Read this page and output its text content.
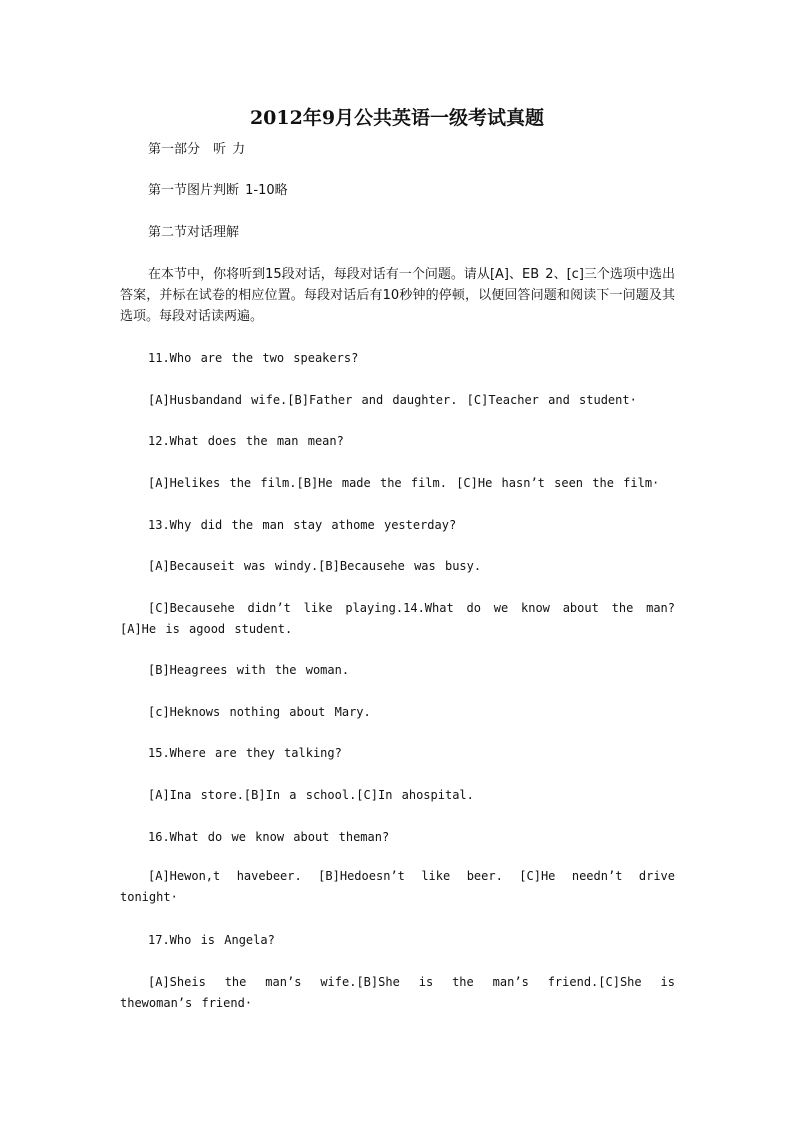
2012年9月公共英语一级考试真题

第一部分　听 力

第一节图片判断 1-10略

第二节对话理解

在本节中，你将听到15段对话，每段对话有一个问题。请从[A]、EB 2、[c]三个选项中选出答案，并标在试卷的相应位置。每段对话后有10秒钟的停顿，以便回答问题和阅读下一问题及其选项。每段对话读两遍。

11.Who are the two speakers?

[A]Husbandand wife.[B]Father and daughter. [C]Teacher and student·

12.What does the man mean?

[A]Helikes the film.[B]He made the film. [C]He hasn’t seen the film·

13.Why did the man stay athome yesterday?

[A]Becauseit was windy.[B]Becausehe was busy.

[C]Becausehe didn’t like playing.14.What do we know about the man?[A]He is agood student.

[B]Heagrees with the woman.

[c]Heknows nothing about Mary.

15.Where are they talking?

[A]Ina store.[B]In a school.[C]In ahospital.

16.What do we know about theman?

[A]Hewon,t havebeer. [B]Hedoesn’t like beer. [C]He needn’t drive tonight·

17.Who is Angela?

[A]Sheis the man’s wife.[B]She is the man’s friend.[C]She is thewoman’s friend·
